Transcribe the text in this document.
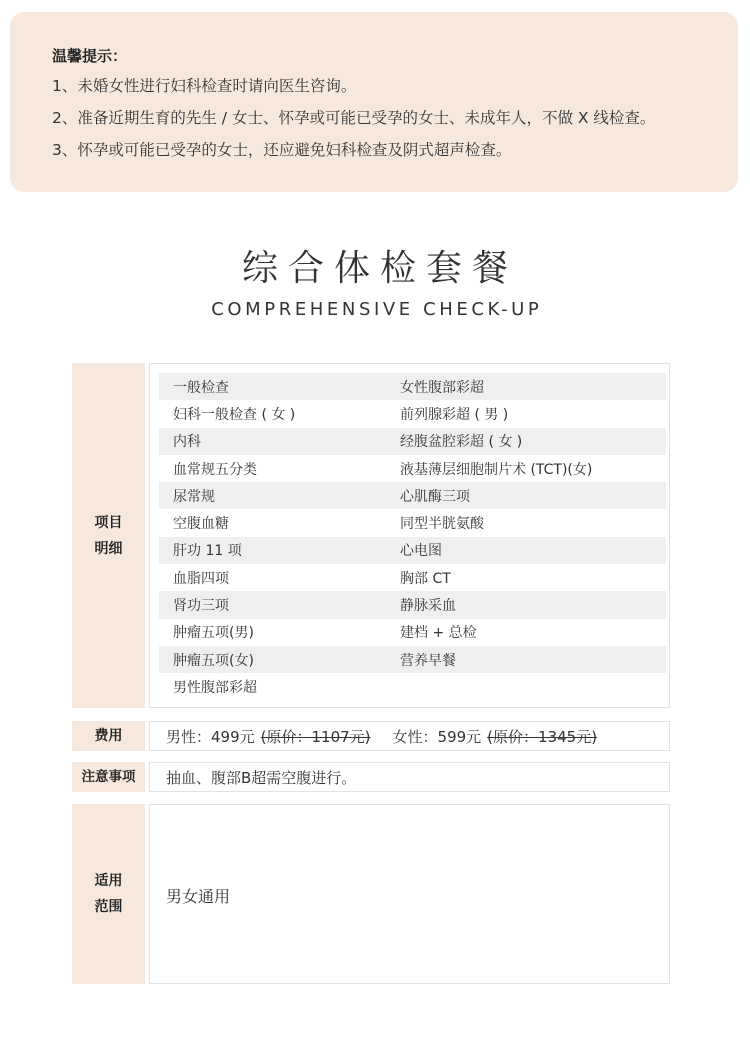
温馨提示：
1、未婚女性进行妇科检查时请向医生咨询。
2、准备近期生育的先生 / 女士、怀孕或可能已受孕的女士、未成年人，不做 X 线检查。
3、怀孕或可能已受孕的女士，还应避免妇科检查及阴式超声检查。
综合体检套餐
COMPREHENSIVE CHECK-UP
项目
明细
一般检查	女性腹部彩超
妇科一般检查 ( 女 )	前列腺彩超 ( 男 )
内科	经腹盆腔彩超 ( 女 )
血常规五分类	液基薄层细胞制片术 (TCT)(女)
尿常规	心肌酶三项
空腹血糖	同型半胱氨酸
肝功 11 项	心电图
血脂四项	胸部 CT
肾功三项	静脉采血
肿瘤五项(男)	建档 + 总检
肿瘤五项(女)	营养早餐
男性腹部彩超
费用	男性：499元 (原价：1107元) 女性：599元 (原价：1345元)
注意事项 抽血、腹部B超需空腹进行。
适用
范围
男女通用
